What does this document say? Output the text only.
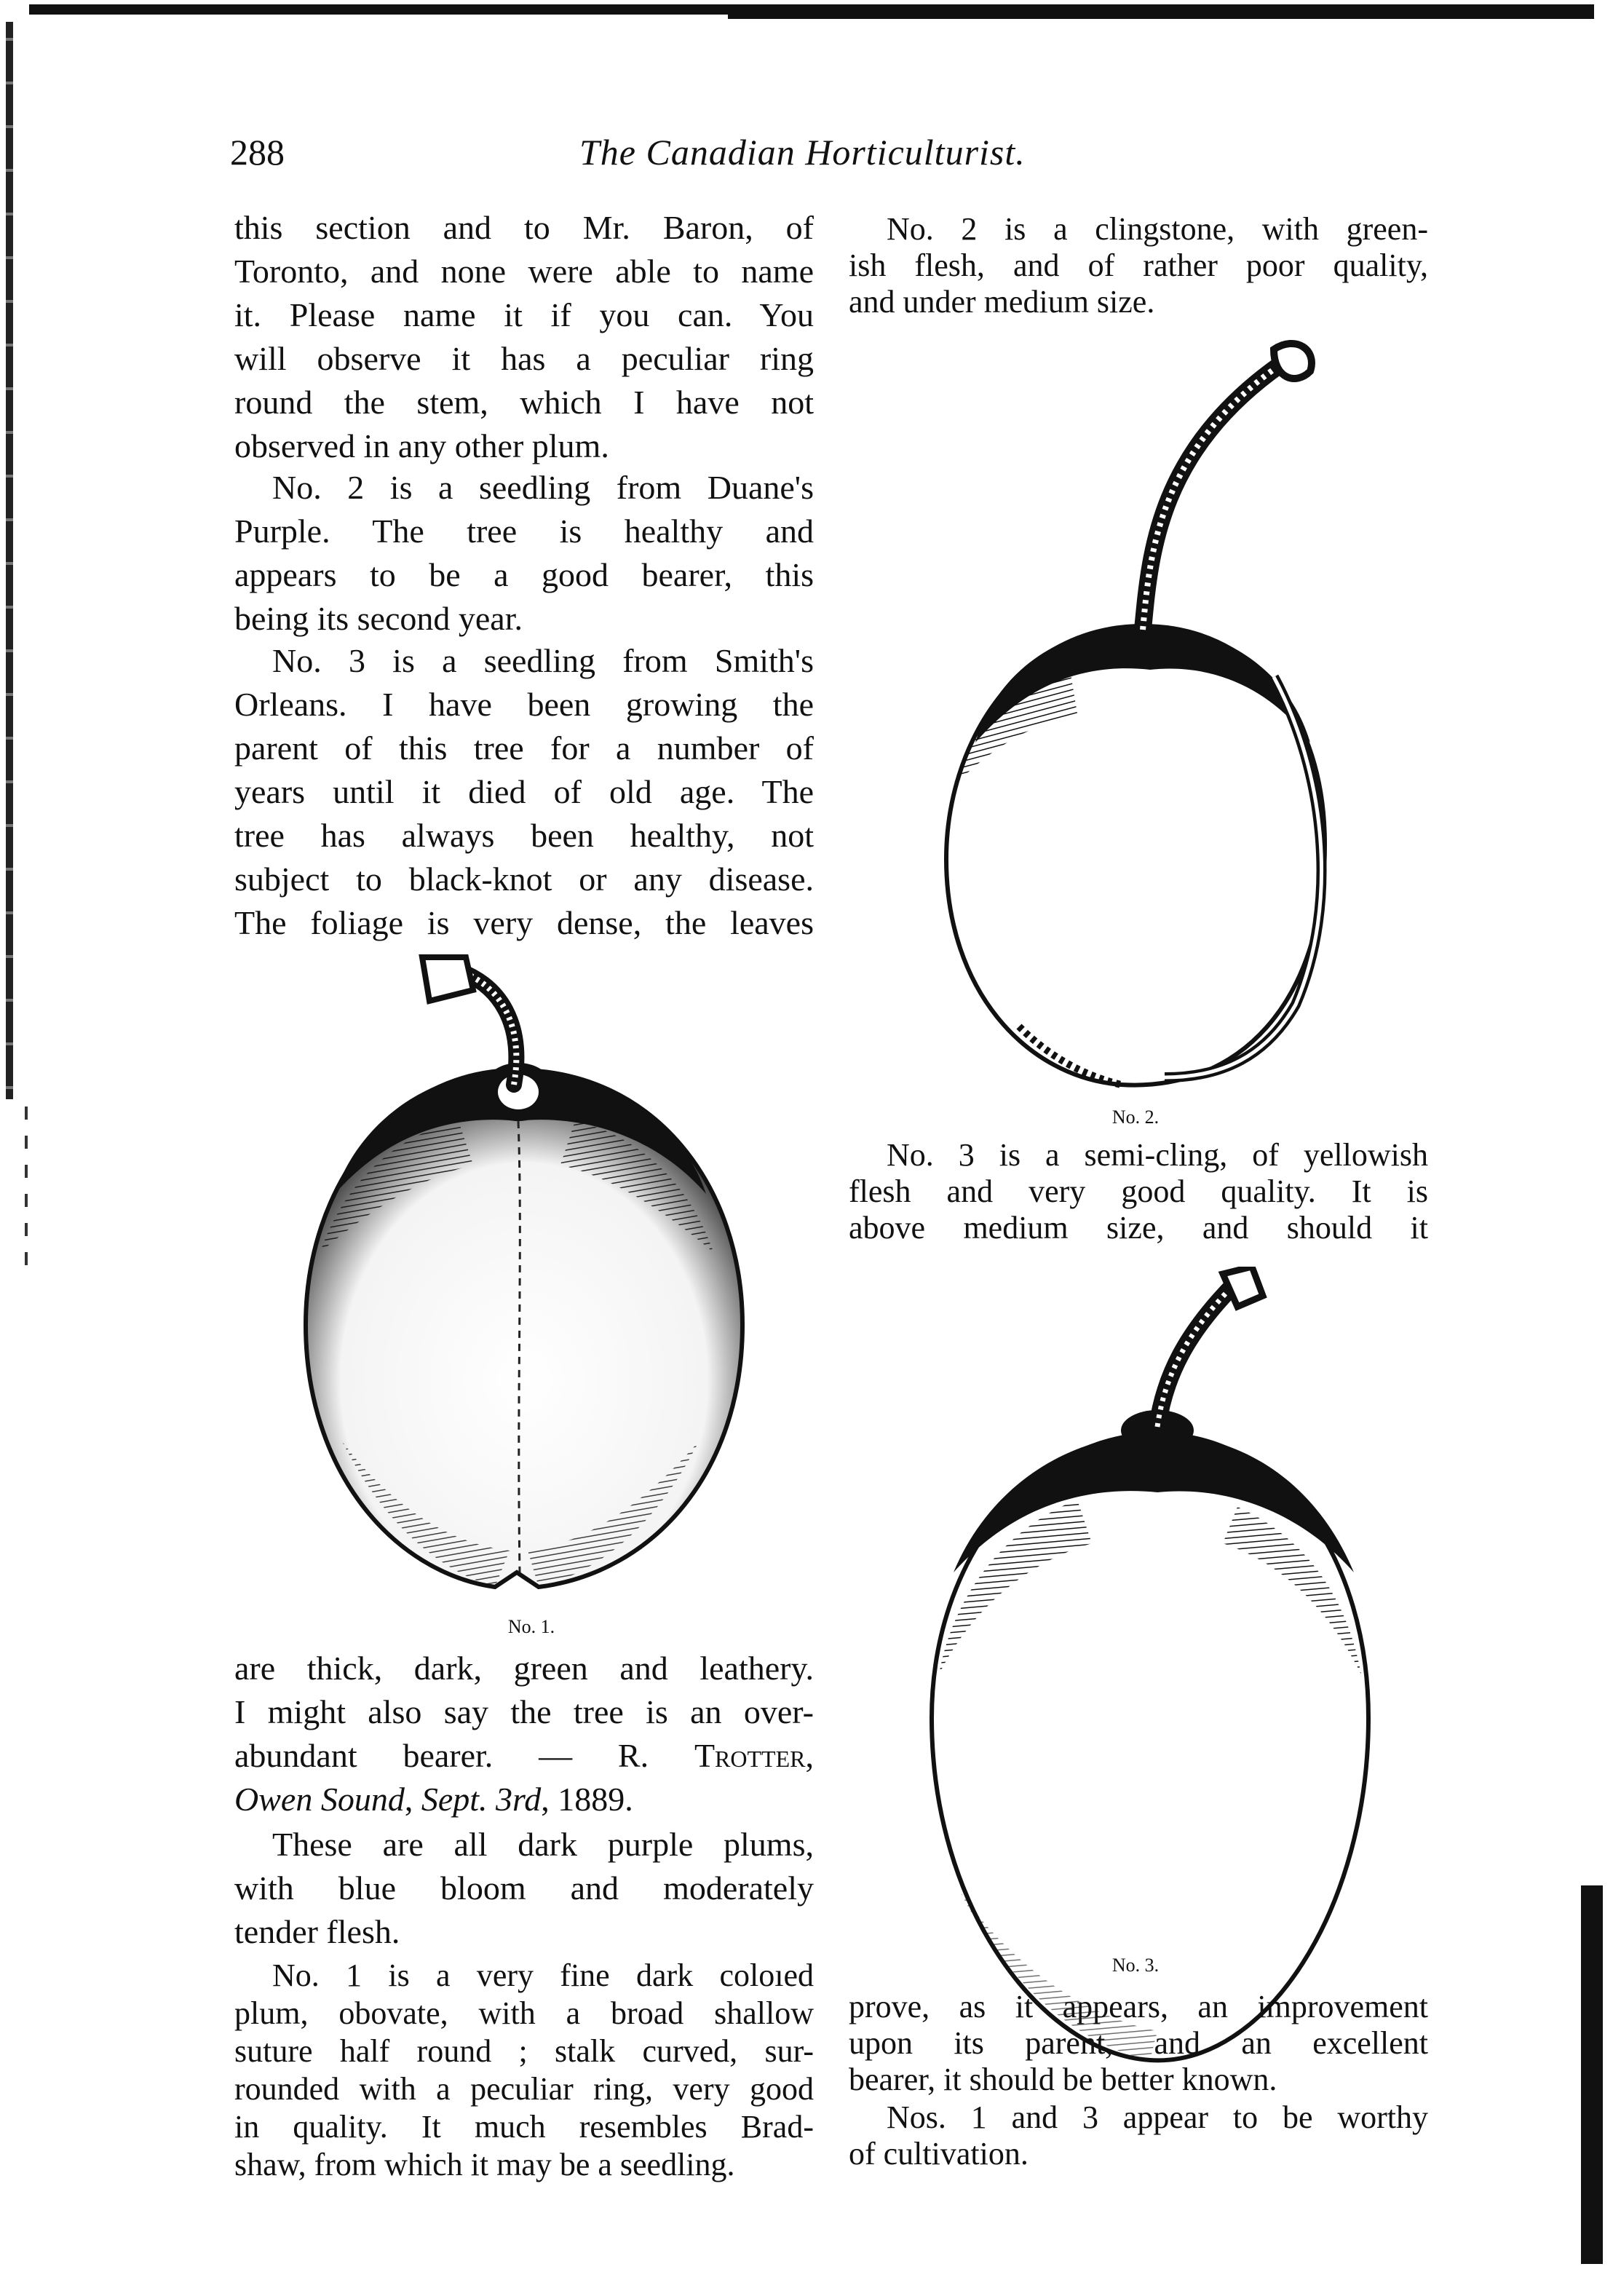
288	The Canadian Horticulturist.
this section and to Mr. Baron, of
Toronto, and none were able to name
it. Please name it if you can. You
will observe it has a peculiar ring
round the stem, which I have not
observed in any other plum.
No. 2 is a seedling from Duane's
Purple. The tree is healthy and
appears to be a good bearer, this
being its second year.
No. 3 is a seedling from Smith's
Orleans. I have been growing the
parent of this tree for a number of
years until it died of old age. The
tree has always been healthy, not
subject to black-knot or any disease.
The foliage is very dense, the leaves
No. 1.
are thick, dark, green and leathery.
I might also say the tree is an over-
abundant bearer. — R. Trotter,
Owen Sound, Sept. 3rd, 1889.
These are all dark purple plums,
with blue bloom and moderately
tender flesh.
No. 1 is a very fine dark coloıed
plum, obovate, with a broad shallow
suture half round ; stalk curved, sur-
rounded with a peculiar ring, very good
in quality. It much resembles Brad-
shaw, from which it may be a seedling.
No. 2 is a clingstone, with green-
ish flesh, and of rather poor quality,
and under medium size.
No. 2.
No. 3 is a semi-cling, of yellowish
flesh and very good quality. It is
above medium size, and should it
No. 3.
prove, as it appears, an improvement
upon its parent, and an excellent
bearer, it should be better known.
Nos. 1 and 3 appear to be worthy
of cultivation.
